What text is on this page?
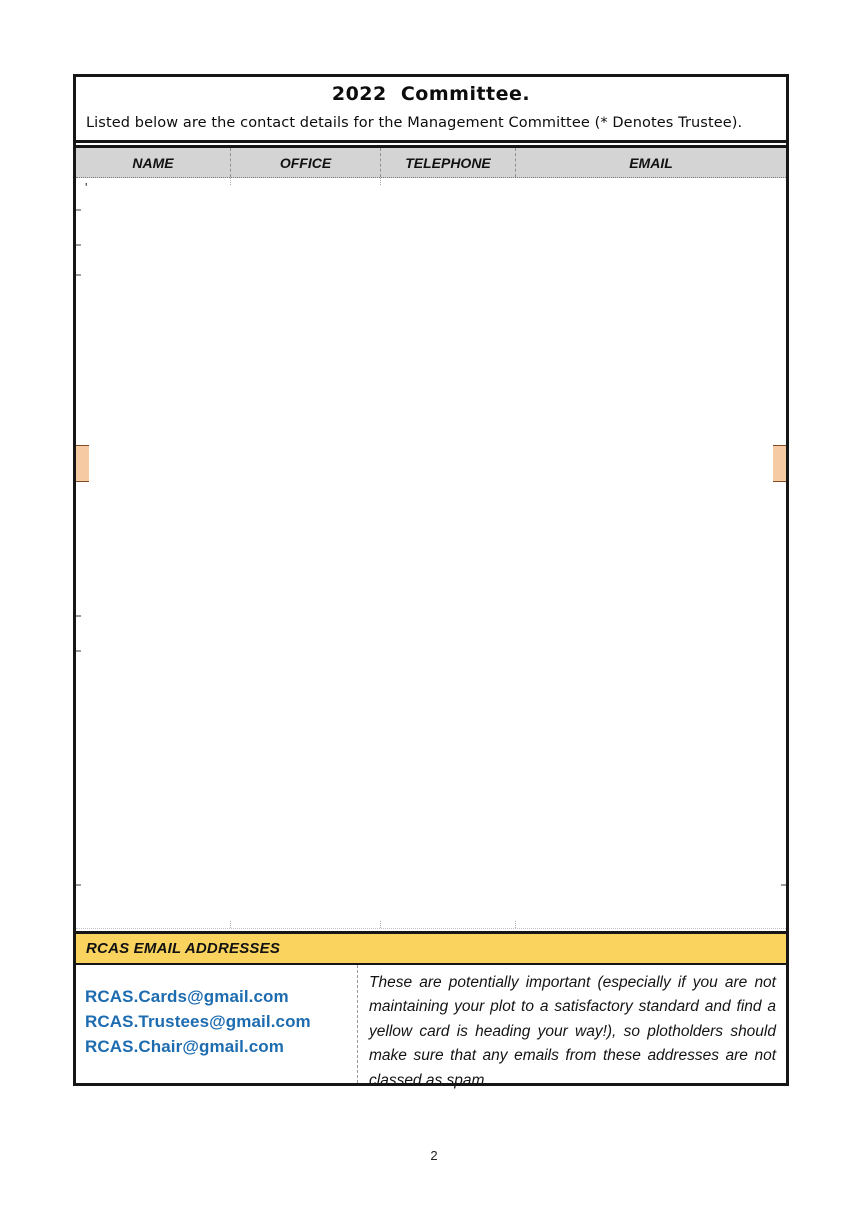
2022 Committee.
Listed below are the contact details for the Management Committee (* Denotes Trustee).
NAME	OFFICE	TELEPHONE	EMAIL
'
RCAS EMAIL ADDRESSES
RCAS.Cards@gmail.com
RCAS.Trustees@gmail.com
RCAS.Chair@gmail.com

These are potentially important (especially if you are not maintaining your plot to a satisfactory standard and find a yellow card is heading your way!), so plotholders should make sure that any emails from these addresses are not classed as spam.

2
